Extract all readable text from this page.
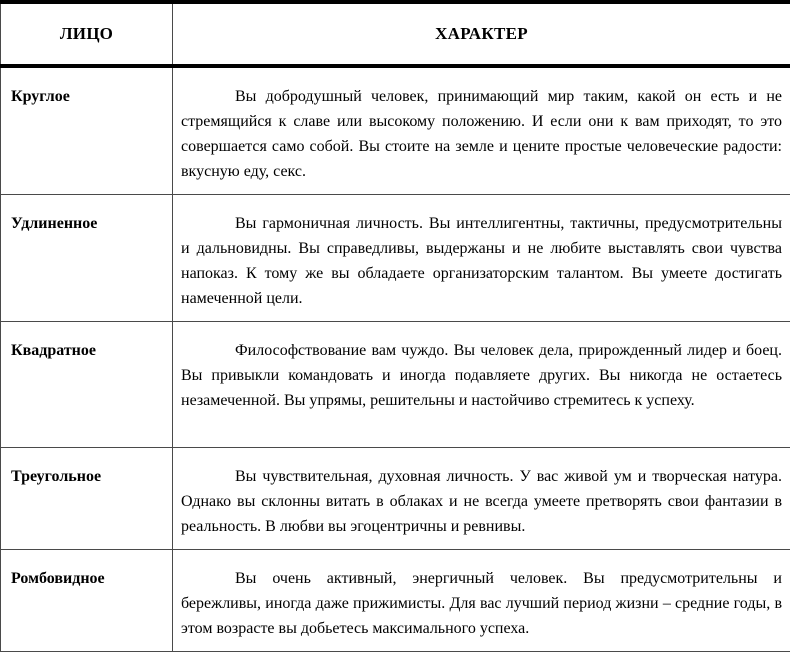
ЛИЦО	ХАРАКТЕР
Круглое	Вы добродушный человек, принимающий мир таким, какой он есть и не стремящийся к славе или высокому положению. И если они к вам приходят, то это совершается само собой. Вы стоите на земле и цените простые человеческие радости: вкусную еду, секс.
Удлиненное	Вы гармоничная личность. Вы интеллигентны, тактичны, предусмотрительны и дальновидны. Вы справедливы, выдержаны и не любите выставлять свои чувства напоказ. К тому же вы обладаете организаторским талантом. Вы умеете достигать намеченной цели.
Квадратное	Философствование вам чуждо. Вы человек дела, прирожденный лидер и боец. Вы привыкли командовать и иногда подавляете других. Вы никогда не остаетесь незамеченной. Вы упрямы, решительны и настойчиво стремитесь к успеху.
Треугольное	Вы чувствительная, духовная личность. У вас живой ум и творческая натура. Однако вы склонны витать в облаках и не всегда умеете претворять свои фантазии в реальность. В любви вы эгоцентричны и ревнивы.
Ромбовидное	Вы очень активный, энергичный человек. Вы предусмотрительны и бережливы, иногда даже прижимисты. Для вас лучший период жизни – средние годы, в этом возрасте вы добьетесь максимального успеха.
